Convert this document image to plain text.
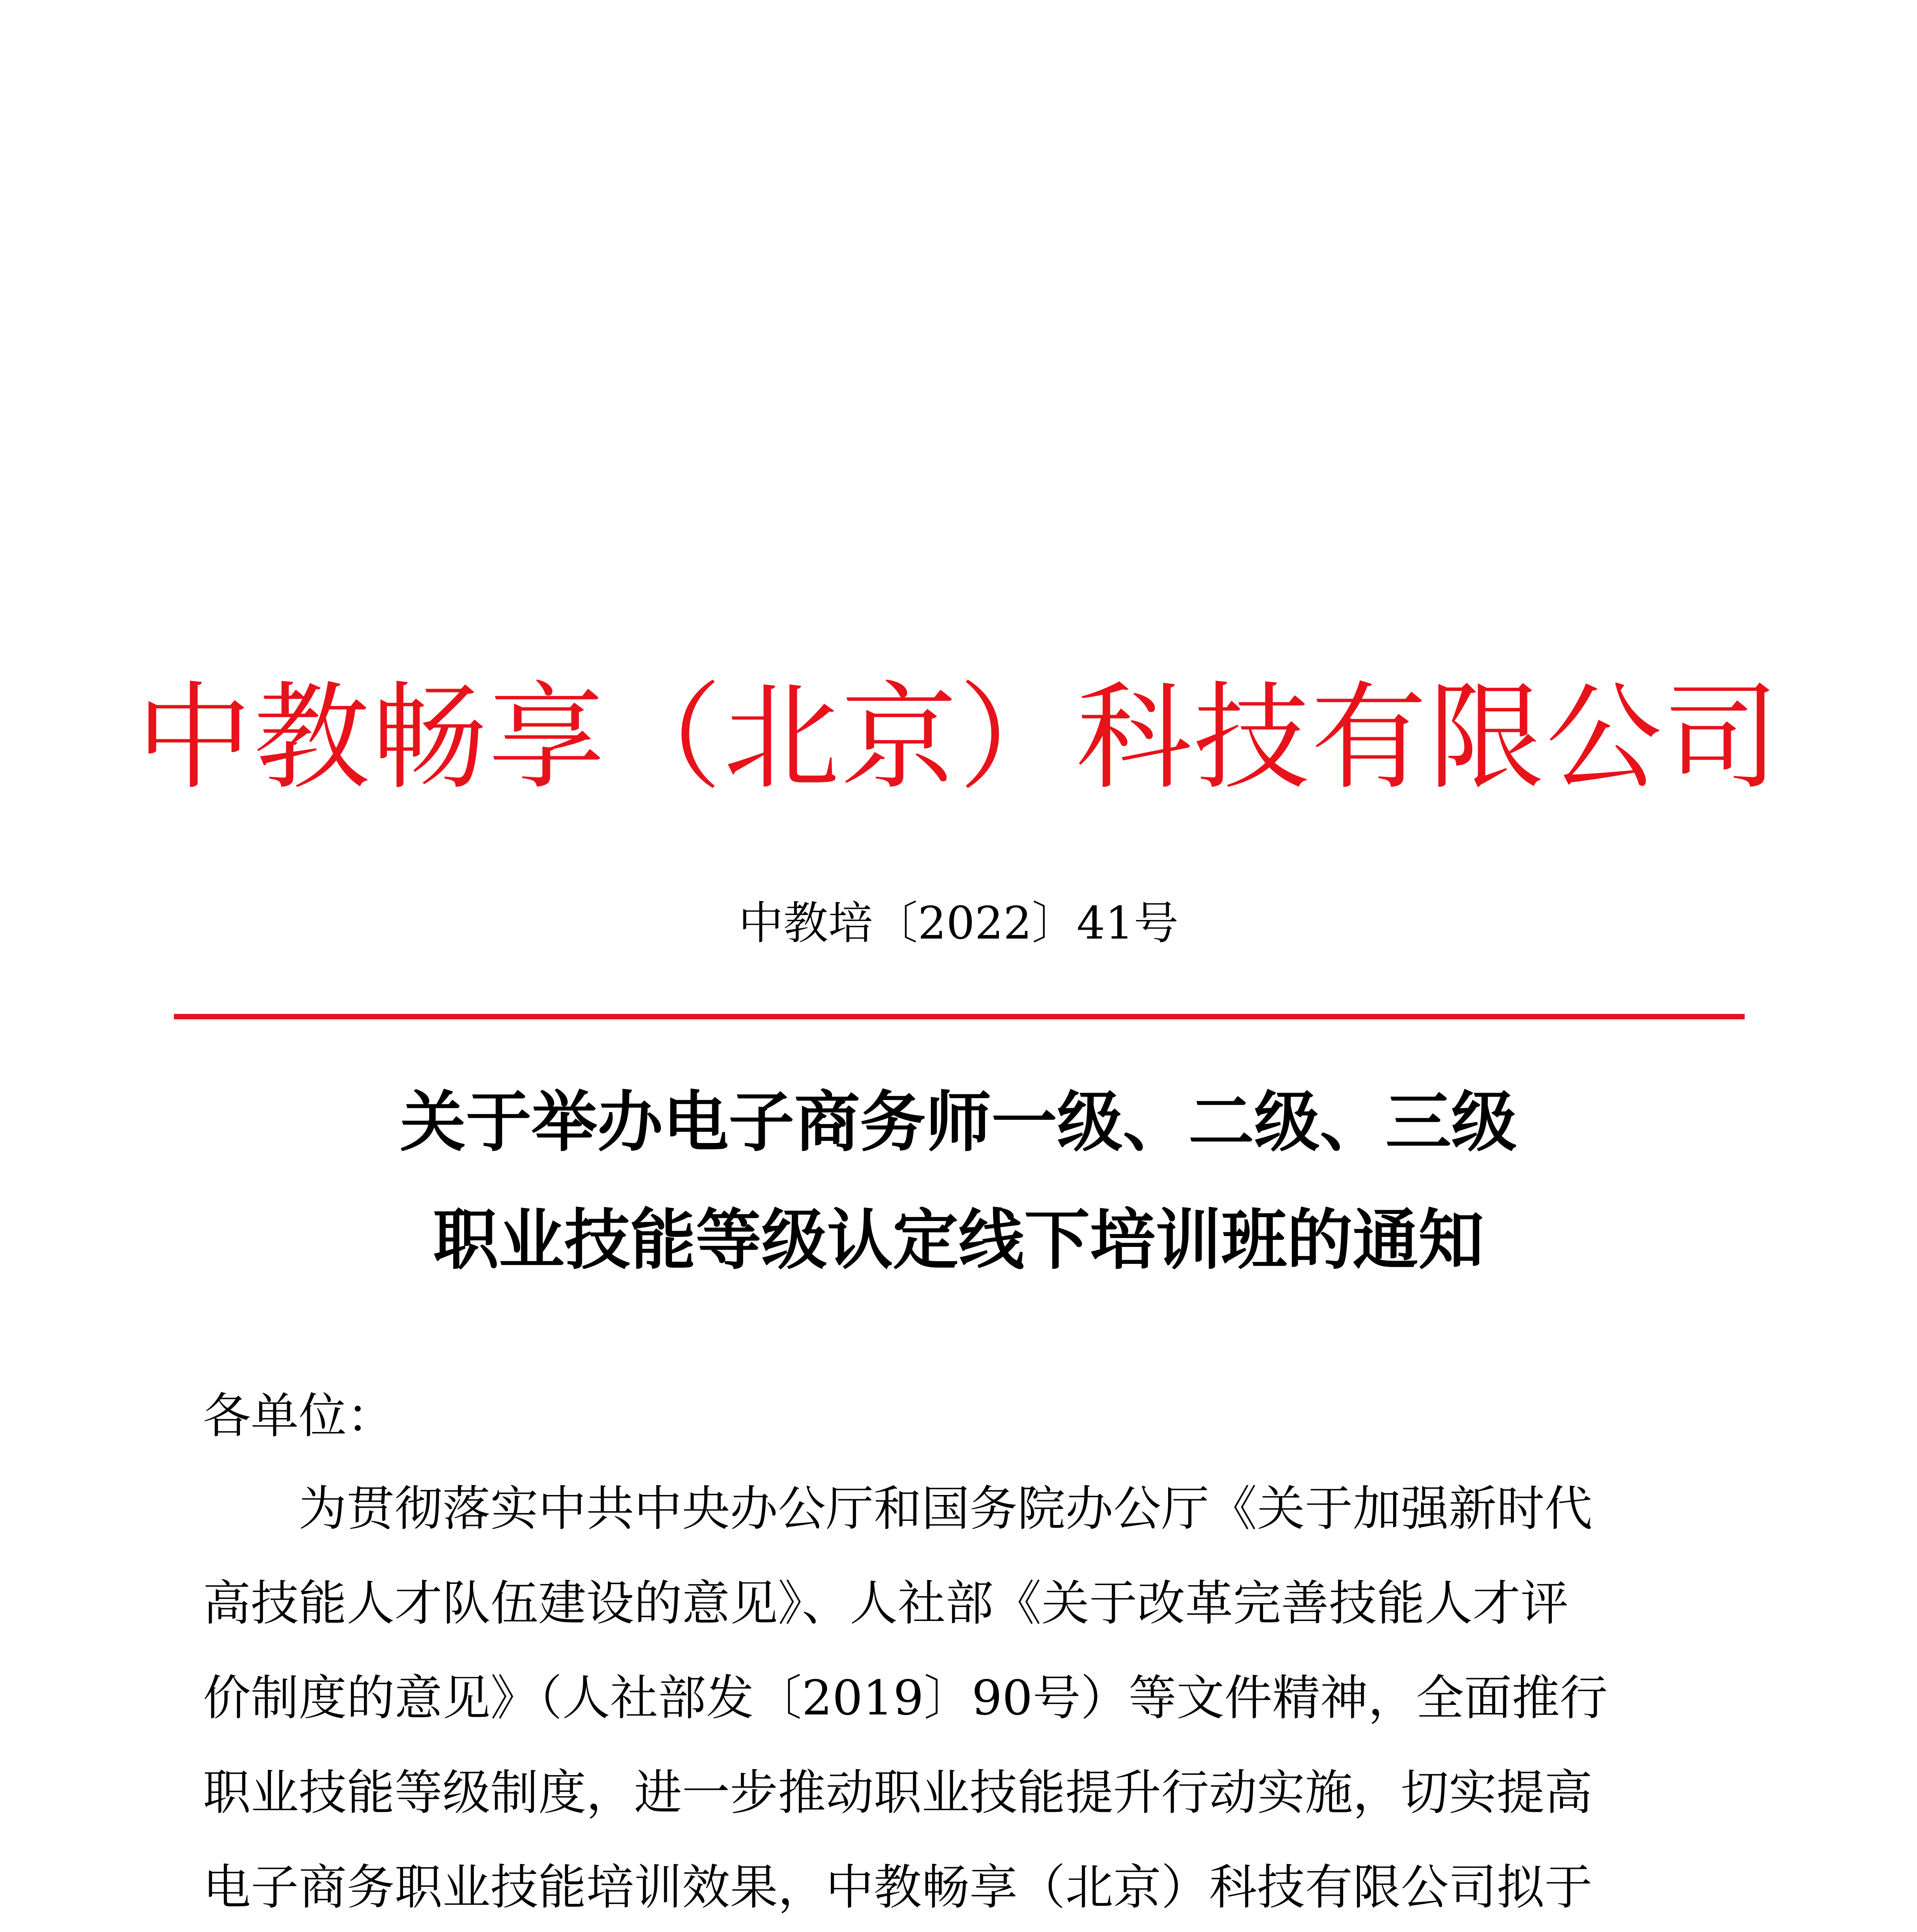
中教畅享（北京）科技有限公司
中教培〔2022〕41号
关于举办电子商务师一级、二级、三级
职业技能等级认定线下培训班的通知
各单位：
为贯彻落实中共中央办公厅和国务院办公厅《关于加强新时代
高技能人才队伍建设的意见》、人社部《关于改革完善技能人才评
价制度的意见》（人社部发〔2019〕90号）等文件精神，全面推行
职业技能等级制度，进一步推动职业技能提升行动实施，切实提高
电子商务职业技能培训效果，中教畅享（北京）科技有限公司拟于
